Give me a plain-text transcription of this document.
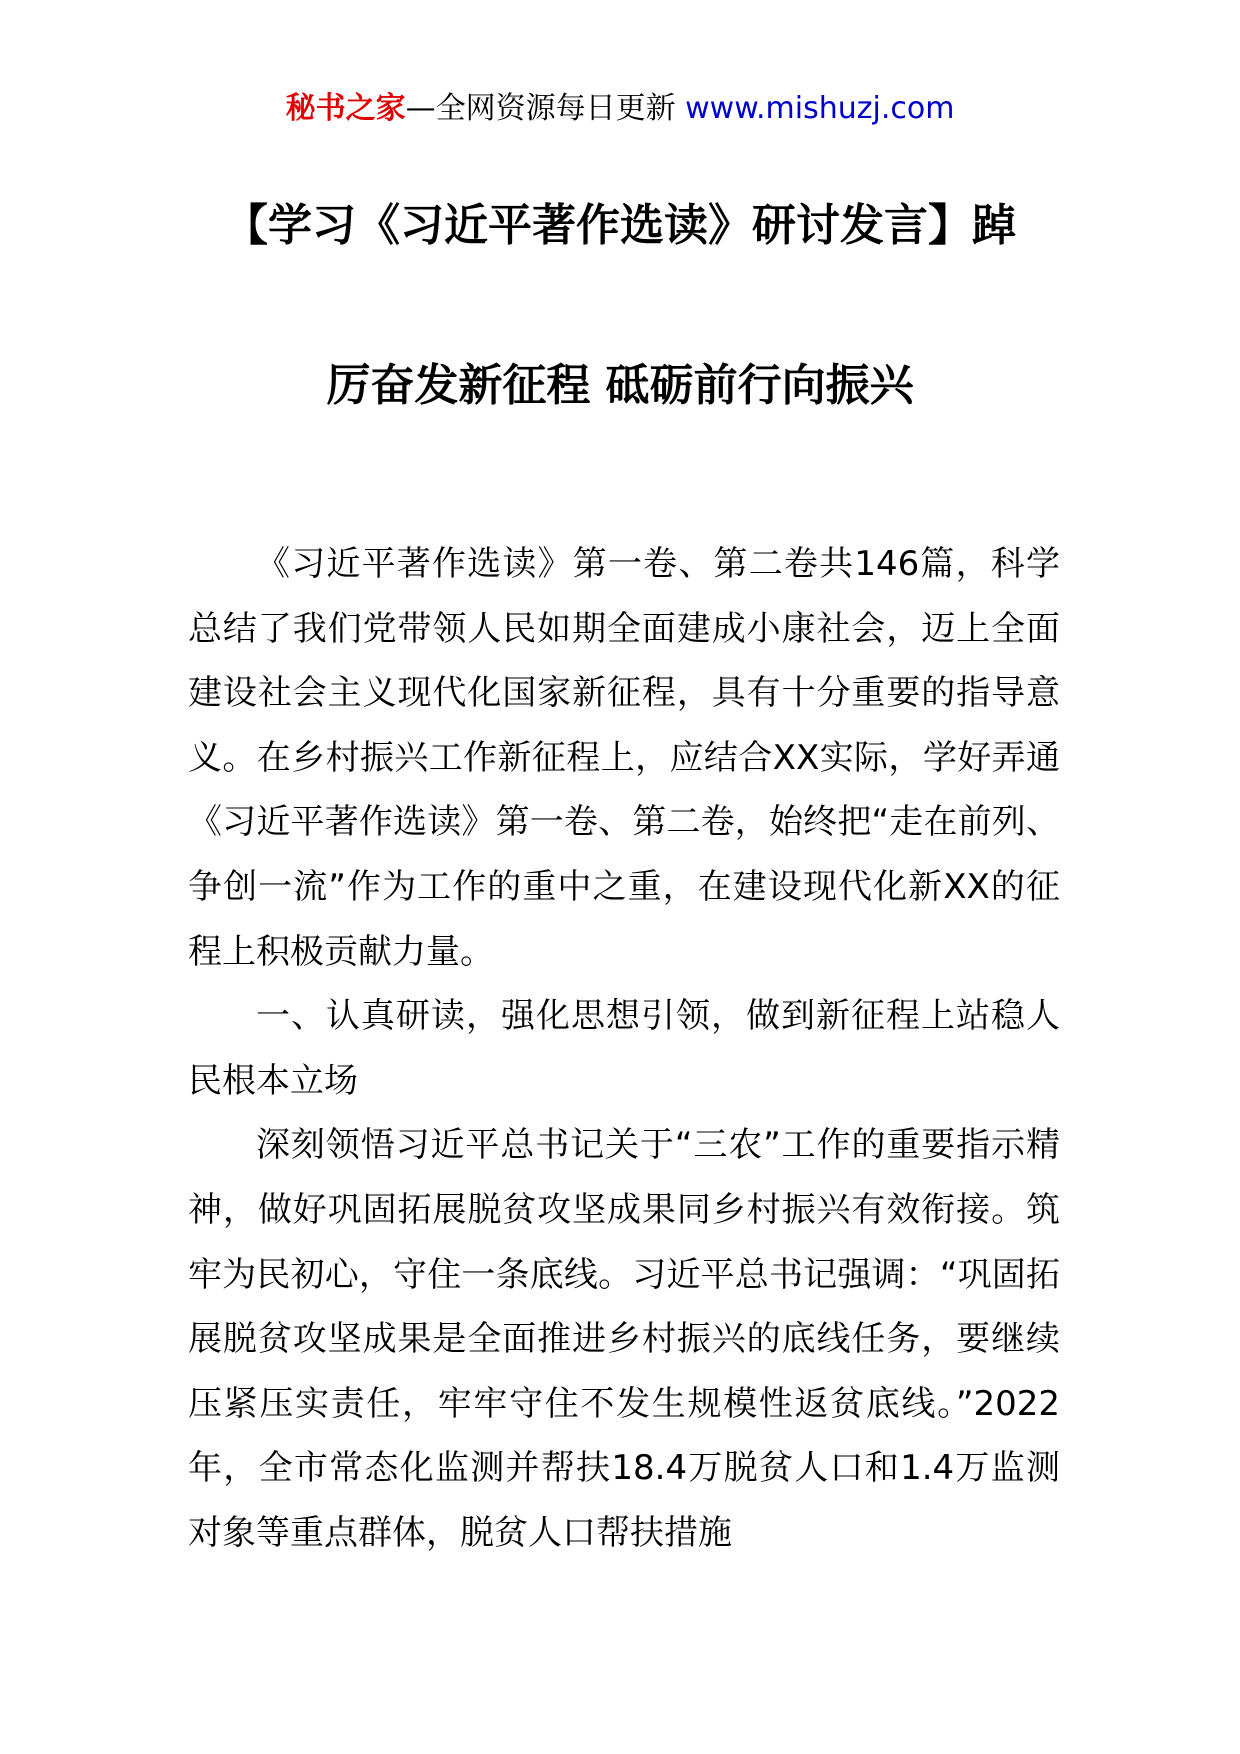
秘书之家—全网资源每日更新 www.mishuzj.com
【学习《习近平著作选读》研讨发言】踔
厉奋发新征程 砥砺前行向振兴

《习近平著作选读》第一卷、第二卷共146篇，科学总结了我们党带领人民如期全面建成小康社会，迈上全面建设社会主义现代化国家新征程，具有十分重要的指导意义。在乡村振兴工作新征程上，应结合XX实际，学好弄通《习近平著作选读》第一卷、第二卷，始终把“走在前列、争创一流”作为工作的重中之重，在建设现代化新XX的征程上积极贡献力量。

一、认真研读，强化思想引领，做到新征程上站稳人民根本立场

深刻领悟习近平总书记关于“三农”工作的重要指示精神，做好巩固拓展脱贫攻坚成果同乡村振兴有效衔接。筑牢为民初心，守住一条底线。习近平总书记强调：“巩固拓展脱贫攻坚成果是全面推进乡村振兴的底线任务，要继续压紧压实责任，牢牢守住不发生规模性返贫底线。”2022年，全市常态化监测并帮扶18.4万脱贫人口和1.4万监测对象等重点群体，脱贫人口帮扶措施
